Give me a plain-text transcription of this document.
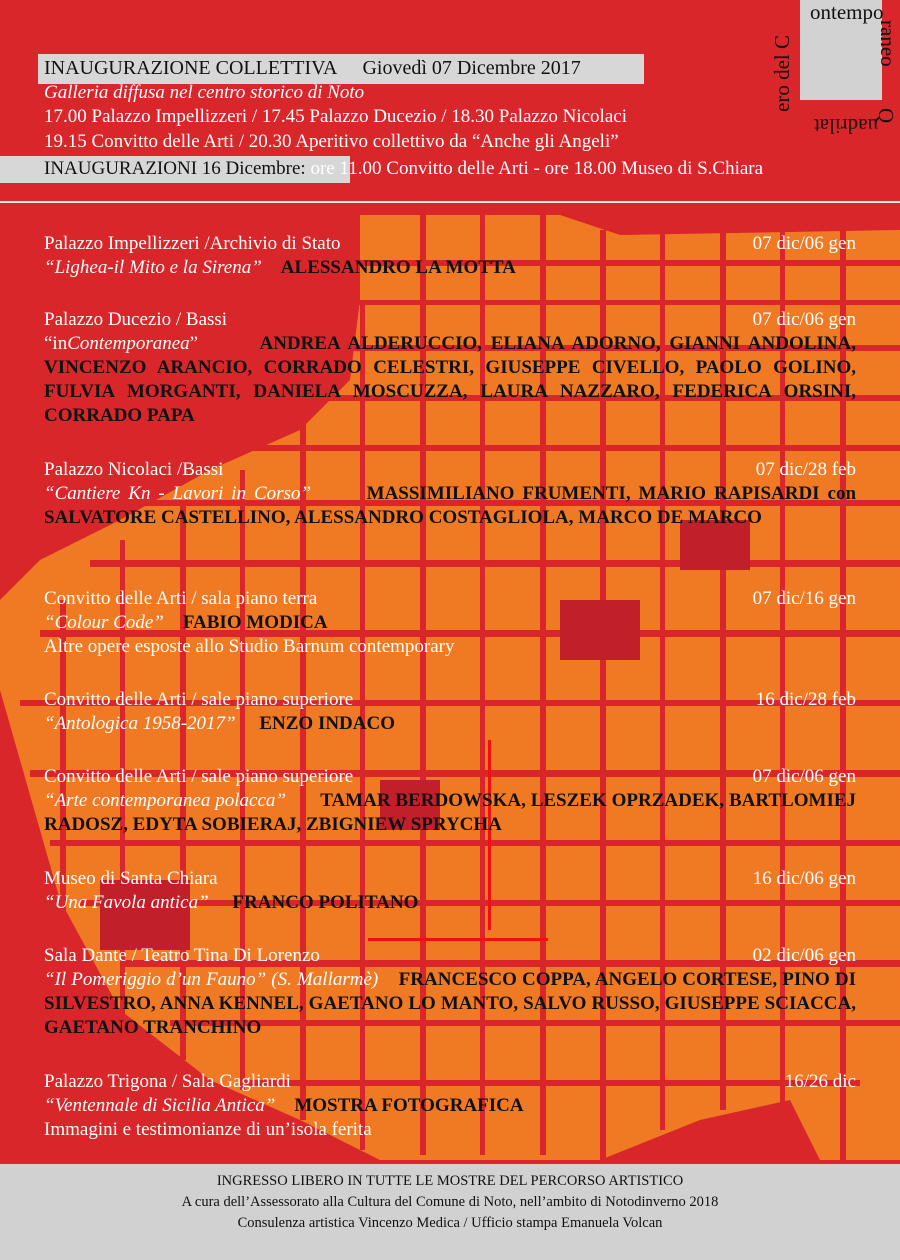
INAUGURAZIONE COLLETTIVA Giovedì 07 Dicembre 2017
Galleria diffusa nel centro storico di Noto
17.00 Palazzo Impellizzeri / 17.45 Palazzo Ducezio / 18.30 Palazzo Nicolaci
19.15 Convitto delle Arti / 20.30 Aperitivo collettivo da “Anche gli Angeli”
INAUGURAZIONI 16 Dicembre: ore 11.00 Convitto delle Arti - ore 18.00 Museo di S.Chiara
ero del C
ontempo
raneo
uadrilat
Q
Palazzo Impellizzeri /Archivio di Stato	07 dic/06 gen
“Lighea-il Mito e la Sirena” ALESSANDRO LA MOTTA
Palazzo Ducezio / Bassi	07 dic/06 gen
“inContemporanea”	ANDREA ALDERUCCIO, ELIANA ADORNO, GIANNI ANDOLINA, VINCENZO ARANCIO, CORRADO CELESTRI, GIUSEPPE CIVELLO, PAOLO GOLINO, FULVIA MORGANTI, DANIELA MOSCUZZA, LAURA NAZZARO, FEDERICA ORSINI, CORRADO PAPA
Palazzo Nicolaci /Bassi	07 dic/28 feb
“Cantiere Kn - Lavori in Corso”	MASSIMILIANO FRUMENTI, MARIO RAPISARDI con SALVATORE CASTELLINO, ALESSANDRO COSTAGLIOLA, MARCO DE MARCO
Convitto delle Arti / sala piano terra	07 dic/16 gen
“Colour Code” FABIO MODICA
Altre opere esposte allo Studio Barnum contemporary
Convitto delle Arti / sale piano superiore	16 dic/28 feb
“Antologica 1958-2017” ENZO INDACO
Convitto delle Arti / sale piano superiore	07 dic/06 gen
“Arte contemporanea polacca” TAMAR BERDOWSKA, LESZEK OPRZADEK, BARTLOMIEJ RADOSZ, EDYTA SOBIERAJ, ZBIGNIEW SPRYCHA
Museo di Santa Chiara	16 dic/06 gen
“Una Favola antica” FRANCO POLITANO
Sala Dante / Teatro Tina Di Lorenzo	02 dic/06 gen
“Il Pomeriggio d’un Fauno” (S. Mallarmè) FRANCESCO COPPA, ANGELO CORTESE, PINO DI SILVESTRO, ANNA KENNEL, GAETANO LO MANTO, SALVO RUSSO, GIUSEPPE SCIACCA, GAETANO TRANCHINO
Palazzo Trigona / Sala Gagliardi	16/26 dic
“Ventennale di Sicilia Antica” MOSTRA FOTOGRAFICA
Immagini e testimonianze di un’isola ferita
INGRESSO LIBERO IN TUTTE LE MOSTRE DEL PERCORSO ARTISTICO
A cura dell’Assessorato alla Cultura del Comune di Noto, nell’ambito di Notodinverno 2018
Consulenza artistica Vincenzo Medica / Ufficio stampa Emanuela Volcan
